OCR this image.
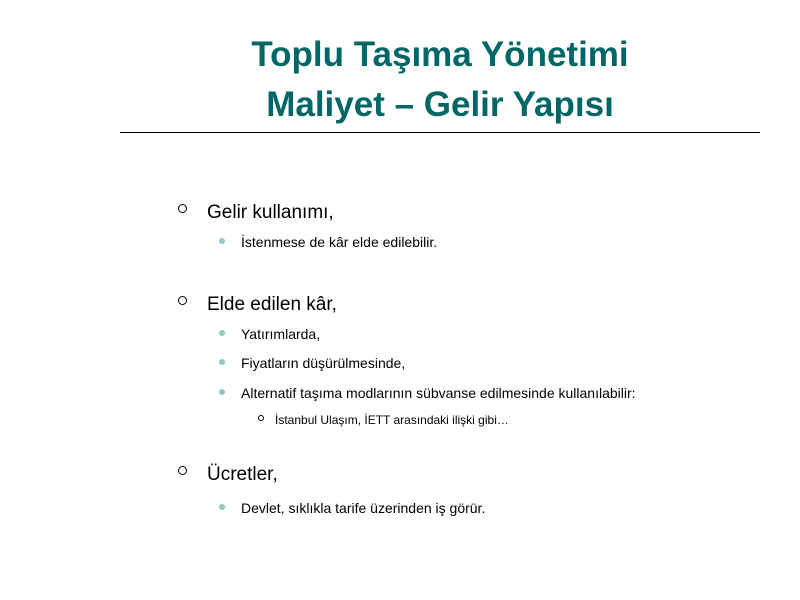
Toplu Taşıma Yönetimi
Maliyet – Gelir Yapısı
Gelir kullanımı,
İstenmese de kâr elde edilebilir.
Elde edilen kâr,
Yatırımlarda,
Fiyatların düşürülmesinde,
Alternatif taşıma modlarının sübvanse edilmesinde kullanılabilir:
İstanbul Ulaşım, İETT arasındaki ilişki gibi…
Ücretler,
Devlet, sıklıkla tarife üzerinden iş görür.
